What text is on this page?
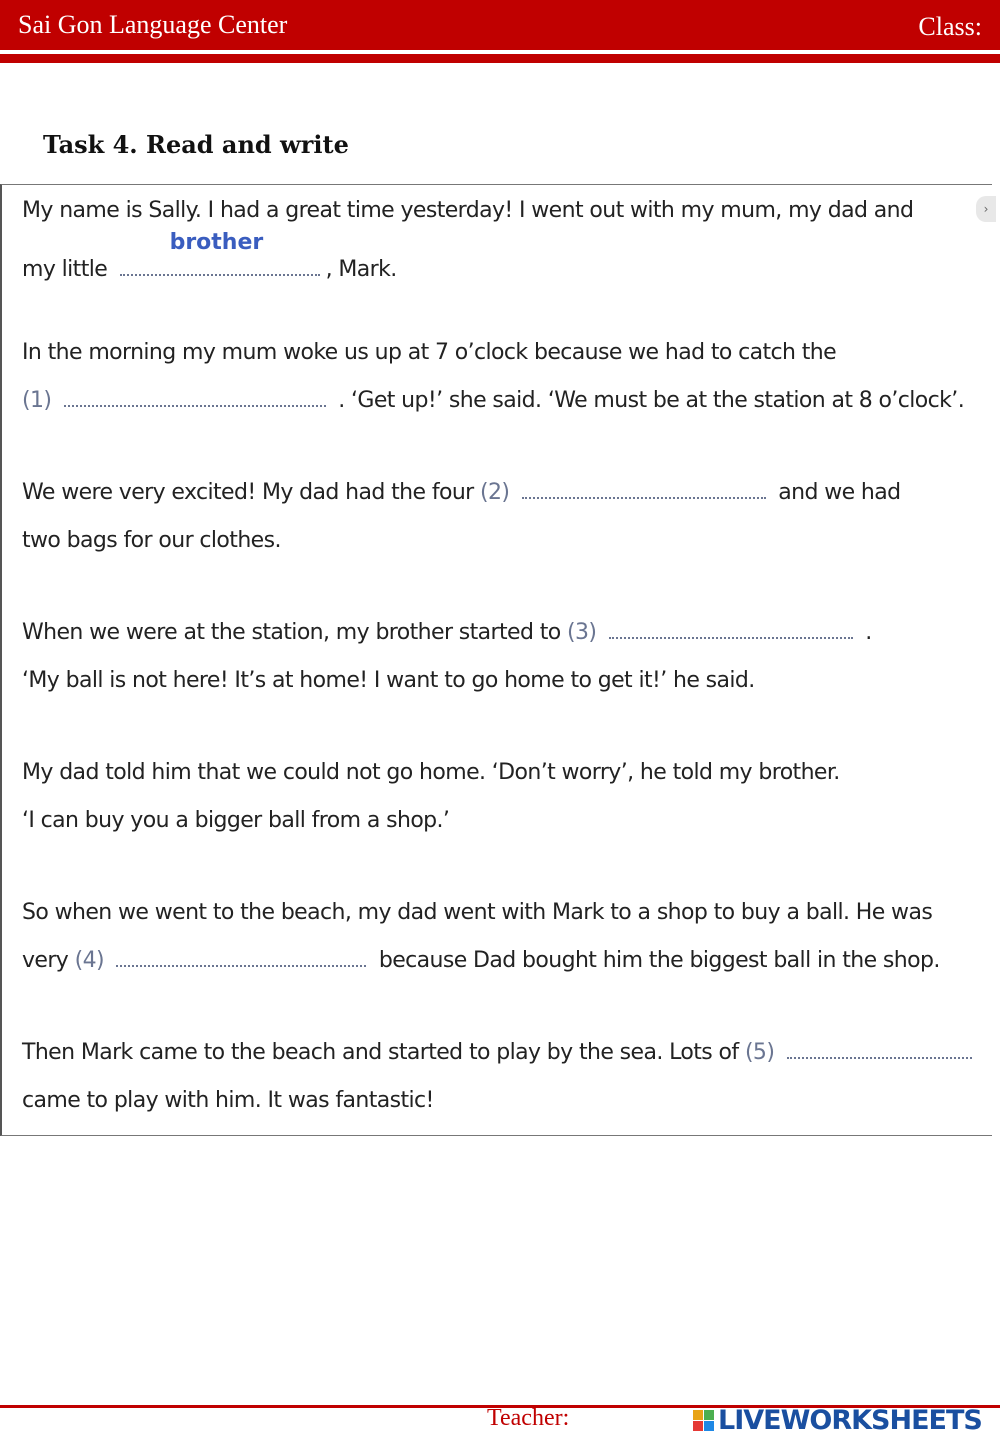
Sai Gon Language Center	Class:
Task 4. Read and write
›
My name is Sally. I had a great time yesterday! I went out with my mum, my dad and
my little
brother
, Mark.
In the morning my mum woke us up at 7 o’clock because we had to catch the
(1)	. ‘Get up!’ she said. ‘We must be at the station at 8 o’clock’.
We were very excited! My dad had the four (2)	and we had
two bags for our clothes.
When we were at the station, my brother started to (3)	.
‘My ball is not here! It’s at home! I want to go home to get it!’ he said.
My dad told him that we could not go home. ‘Don’t worry’, he told my brother.
‘I can buy you a bigger ball from a shop.’
So when we went to the beach, my dad went with Mark to a shop to buy a ball. He was
very (4)	because Dad bought him the biggest ball in the shop.
Then Mark came to the beach and started to play by the sea. Lots of (5)
came to play with him. It was fantastic!
Teacher:	LIVEWORKSHEETS
